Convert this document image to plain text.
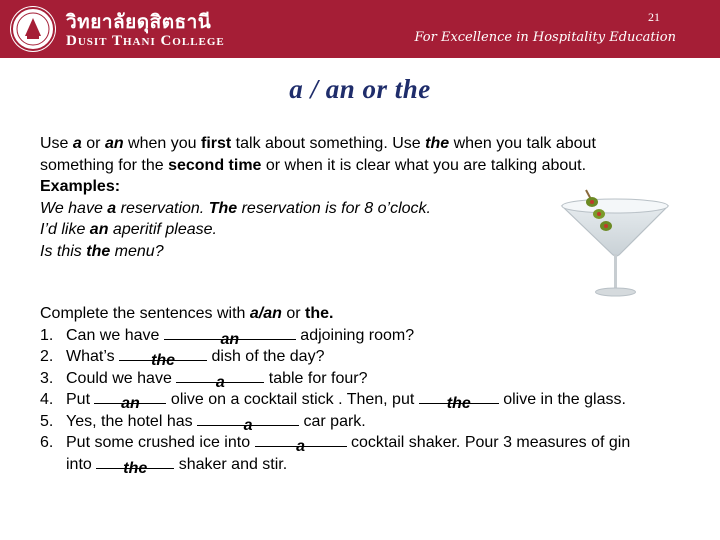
วิทยาลัยดุสิตธานี
Dusit Thani College
21
For Excellence in Hospitality Education
a / an or the
Use a or an when you first talk about something. Use the when you talk about
something for the second time or when it is clear what you are talking about.
Examples:
We have a reservation. The reservation is for 8 o’clock.
I’d like an aperitif please.
Is this the menu?
Complete the sentences with a/an or the.
1. Can we have	an	adjoining room?
2. What’s	the	dish of the day?
3. Could we have	a	table for four?
4. Put	an	olive on a cocktail stick . Then, put	the	olive in the glass.
5. Yes, the hotel has	a	car park.
6. Put some crushed ice into	a	cocktail shaker. Pour 3 measures of gin
into	the	shaker and stir.
